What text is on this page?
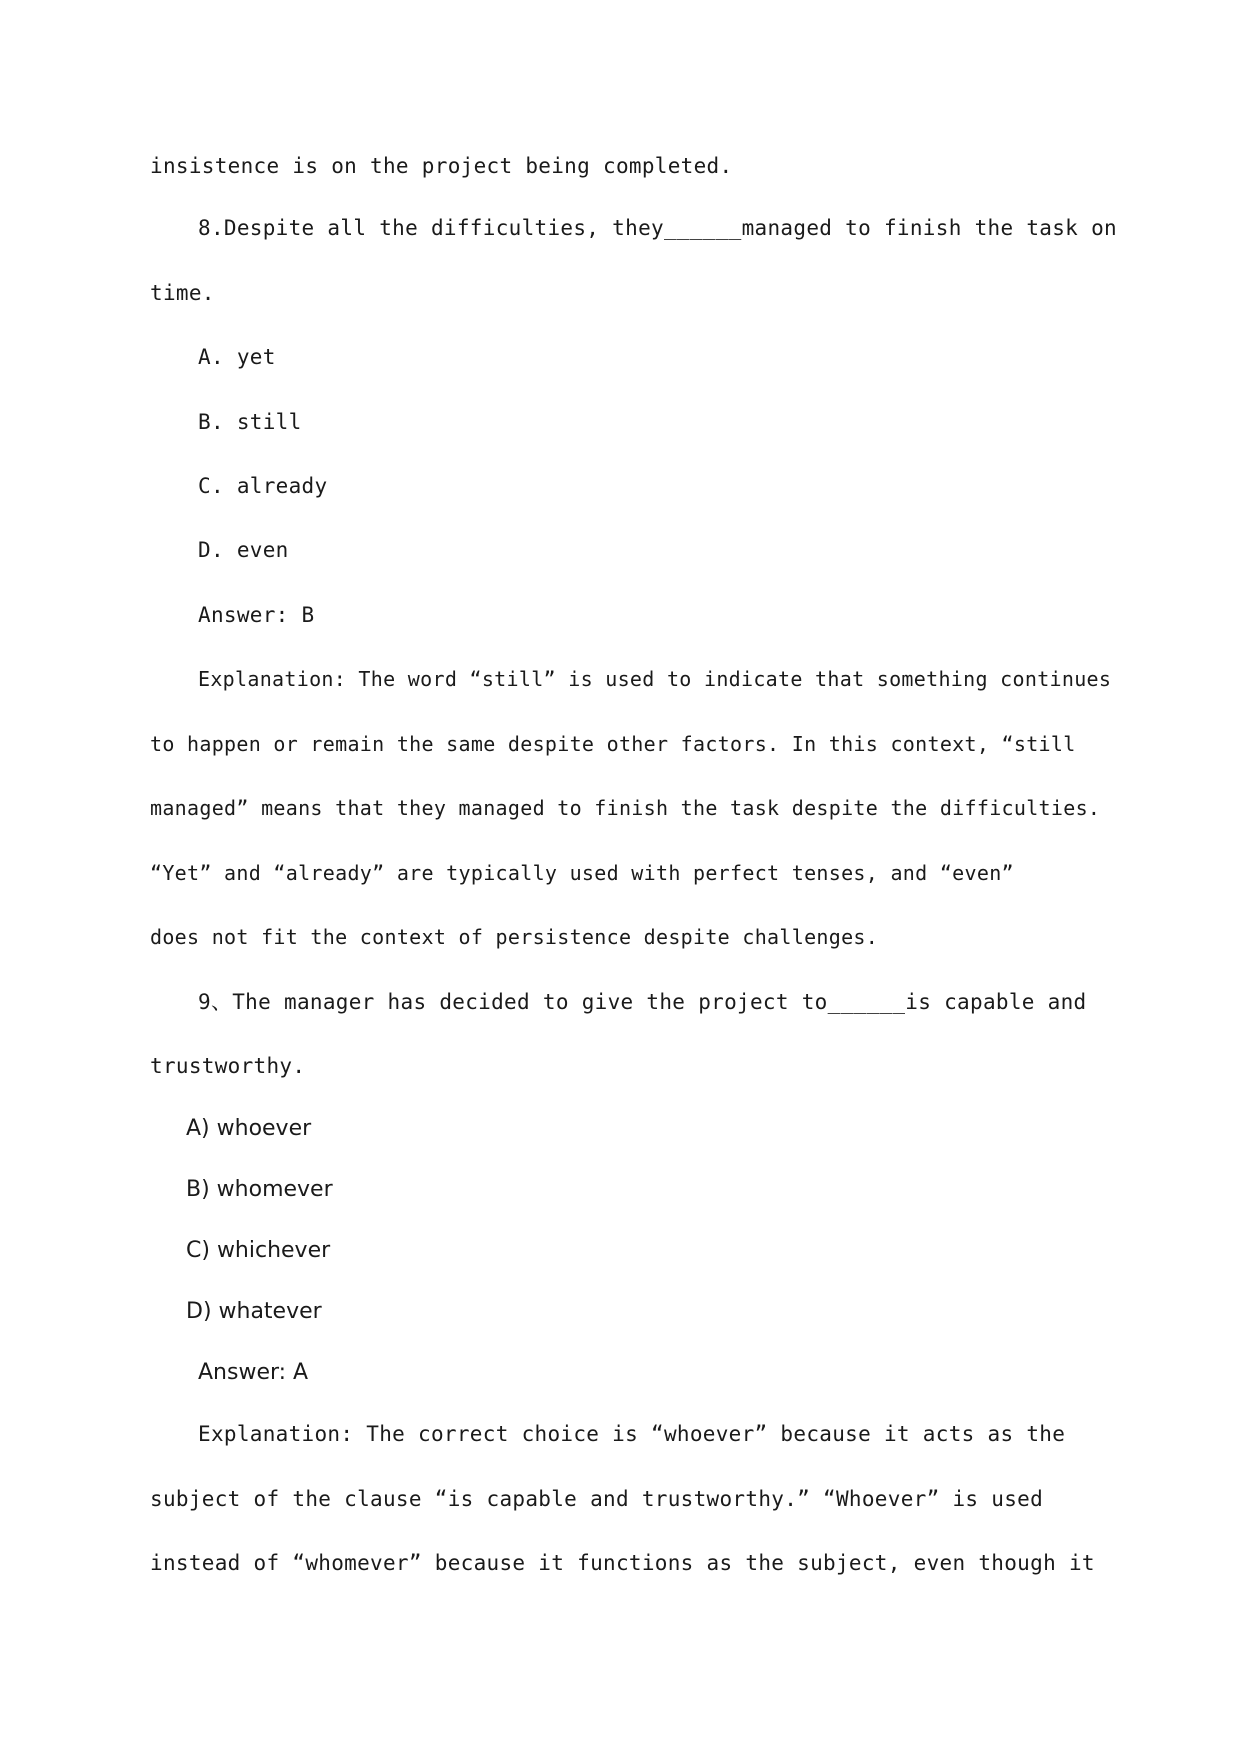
insistence is on the project being completed.
8.Despite all the difficulties, they______managed to finish the task on
time.
A. yet
B. still
C. already
D. even
Answer: B
Explanation: The word “still” is used to indicate that something continues
to happen or remain the same despite other factors. In this context, “still
managed” means that they managed to finish the task despite the difficulties.
“Yet” and “already” are typically used with perfect tenses, and “even”
does not fit the context of persistence despite challenges.
9、The manager has decided to give the project to______is capable and
trustworthy.
A) whoever
B) whomever
C) whichever
D) whatever
Answer: A
Explanation: The correct choice is “whoever” because it acts as the
subject of the clause “is capable and trustworthy.” “Whoever” is used
instead of “whomever” because it functions as the subject, even though it
